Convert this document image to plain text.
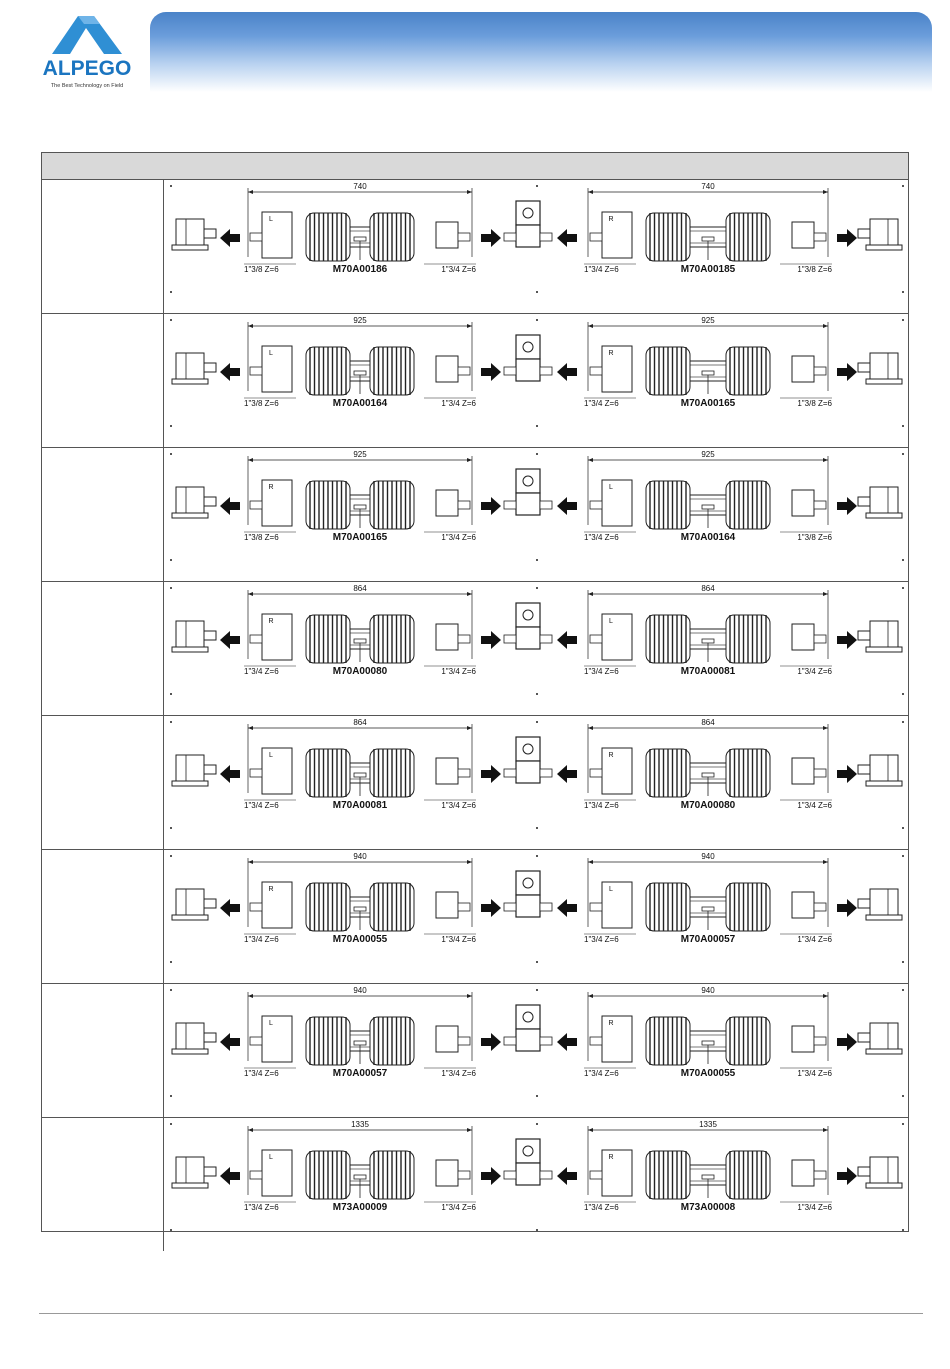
ALPEGO
The Best Technology on Field
740
L
M70A00186
1"3/8 Z=6	1"3/4 Z=6
740
R
M70A00185
1"3/4 Z=6	1"3/8 Z=6
925
L
M70A00164
1"3/8 Z=6	1"3/4 Z=6
925
R
M70A00165
1"3/4 Z=6	1"3/8 Z=6
925
R
M70A00165
1"3/8 Z=6	1"3/4 Z=6
925
L
M70A00164
1"3/4 Z=6	1"3/8 Z=6
864
R
M70A00080
1"3/4 Z=6	1"3/4 Z=6
864
L
M70A00081
1"3/4 Z=6	1"3/4 Z=6
864
L
M70A00081
1"3/4 Z=6	1"3/4 Z=6
864
R
M70A00080
1"3/4 Z=6	1"3/4 Z=6
940
R
M70A00055
1"3/4 Z=6	1"3/4 Z=6
940
L
M70A00057
1"3/4 Z=6	1"3/4 Z=6
940
L
M70A00057
1"3/4 Z=6	1"3/4 Z=6
940
R
M70A00055
1"3/4 Z=6	1"3/4 Z=6
1335
L
M73A00009
1"3/4 Z=6	1"3/4 Z=6
1335
R
M73A00008
1"3/4 Z=6	1"3/4 Z=6
